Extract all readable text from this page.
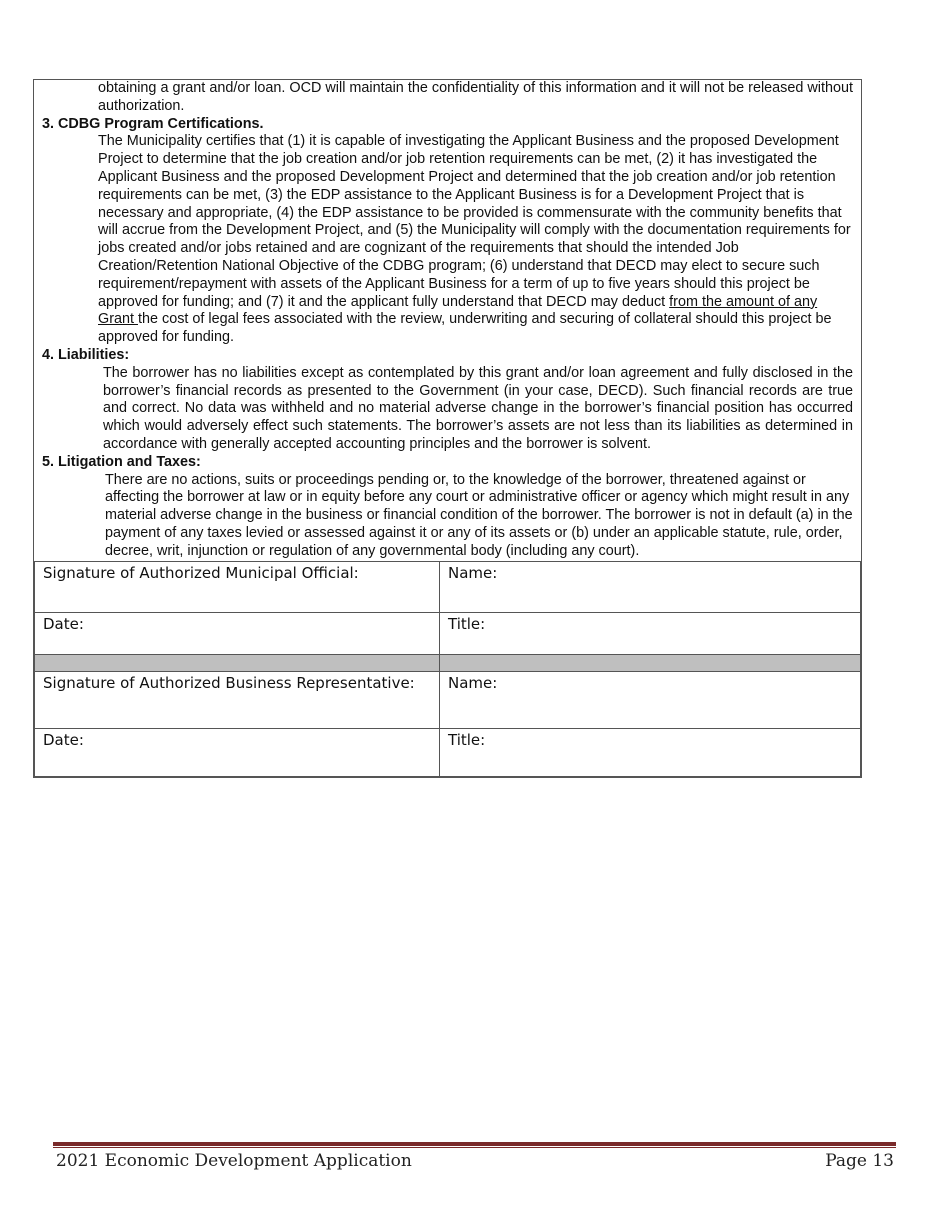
obtaining a grant and/or loan. OCD will maintain the confidentiality of this information and it will not be released without authorization.
3. CDBG Program Certifications.
The Municipality certifies that (1) it is capable of investigating the Applicant Business and the proposed Development Project to determine that the job creation and/or job retention requirements can be met, (2) it has investigated the Applicant Business and the proposed Development Project and determined that the job creation and/or job retention requirements can be met, (3) the EDP assistance to the Applicant Business is for a Development Project that is necessary and appropriate, (4) the EDP assistance to be provided is commensurate with the community benefits that will accrue from the Development Project, and (5) the Municipality will comply with the documentation requirements for jobs created and/or jobs retained and are cognizant of the requirements that should the intended Job Creation/Retention National Objective of the CDBG program; (6) understand that DECD may elect to secure such requirement/repayment with assets of the Applicant Business for a term of up to five years should this project be approved for funding; and (7) it and the applicant fully understand that DECD may deduct from the amount of any Grant the cost of legal fees associated with the review, underwriting and securing of collateral should this project be approved for funding.
4. Liabilities:
The borrower has no liabilities except as contemplated by this grant and/or loan agreement and fully disclosed in the borrower’s financial records as presented to the Government (in your case, DECD). Such financial records are true and correct. No data was withheld and no material adverse change in the borrower’s financial position has occurred which would adversely effect such statements. The borrower’s assets are not less than its liabilities as determined in accordance with generally accepted accounting principles and the borrower is solvent.
5. Litigation and Taxes:
There are no actions, suits or proceedings pending or, to the knowledge of the borrower, threatened against or affecting the borrower at law or in equity before any court or administrative officer or agency which might result in any material adverse change in the business or financial condition of the borrower. The borrower is not in default (a) in the payment of any taxes levied or assessed against it or any of its assets or (b) under an applicable statute, rule, order, decree, writ, injunction or regulation of any governmental body (including any court).
Signature of Authorized Municipal Official:	Name:
Date:	Title:

Signature of Authorized Business Representative:	Name:
Date:	Title:
2021 Economic Development Application	Page 13
